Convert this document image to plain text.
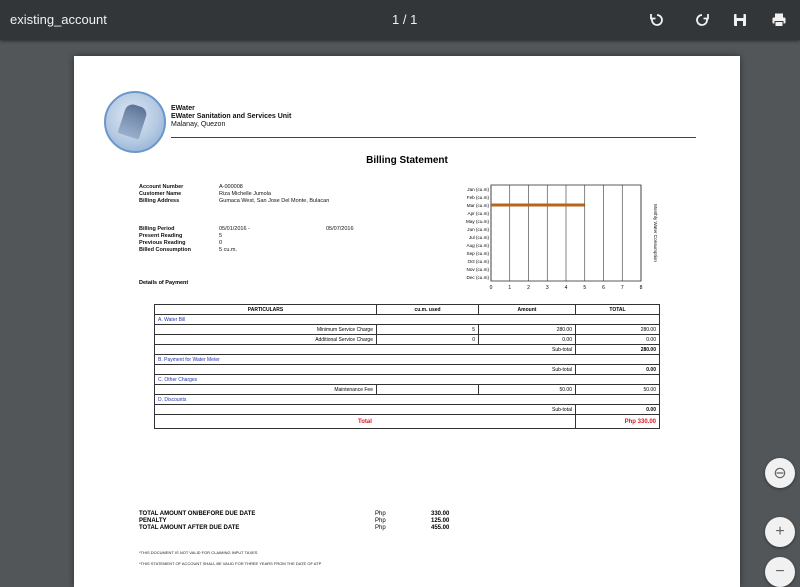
existing_account	1 / 1
EWater
EWater Sanitation and Services Unit
Malanay, Quezon
Billing Statement
Account Number	A-000008
Customer Name	Riza Michelle Jumola
Billing Address	Gumaca West, San Jose Del Monte, Bulacan
Billing Period	05/01/2016 -	05/07/2016
Present Reading	5
Previous Reading	0
Billed Consumption	5 cu.m.
Details of Payment
0	1	2	3	4	5	6	7	8
Jan (cu.m)
Feb (cu.m)
Mar (cu.m)
Apr (cu.m)
May (cu.m)
Jun (cu.m)
Jul (cu.m)
Aug (cu.m)
Sep (cu.m)
Oct (cu.m)
Nov (cu.m)
Dec (cu.m)
Monthly Water Consumption
PARTICULARS	cu.m. used	Amount	TOTAL
A. Water Bill			
Minimum Service Charge	5	280.00	280.00
Additional Service Charge	0	0.00	0.00
Sub-total			280.00
B. Payment for Water Meter			
Sub-total			0.00
C. Other Charges			
Maintenance Fee		50.00	50.00
D. Discounts			
Sub-total			0.00
Total			Php 330.00
TOTAL AMOUNT ON/BEFORE DUE DATE	Php	330.00
PENALTY	Php	125.00
TOTAL AMOUNT AFTER DUE DATE	Php	455.00
*THIS DOCUMENT IS NOT VALID FOR CLAIMING INPUT TAXES
*THIS STATEMENT OF ACCOUNT SHALL BE VALID FOR THREE YEARS FROM THE DATE OF ATP
⊖
+
−
